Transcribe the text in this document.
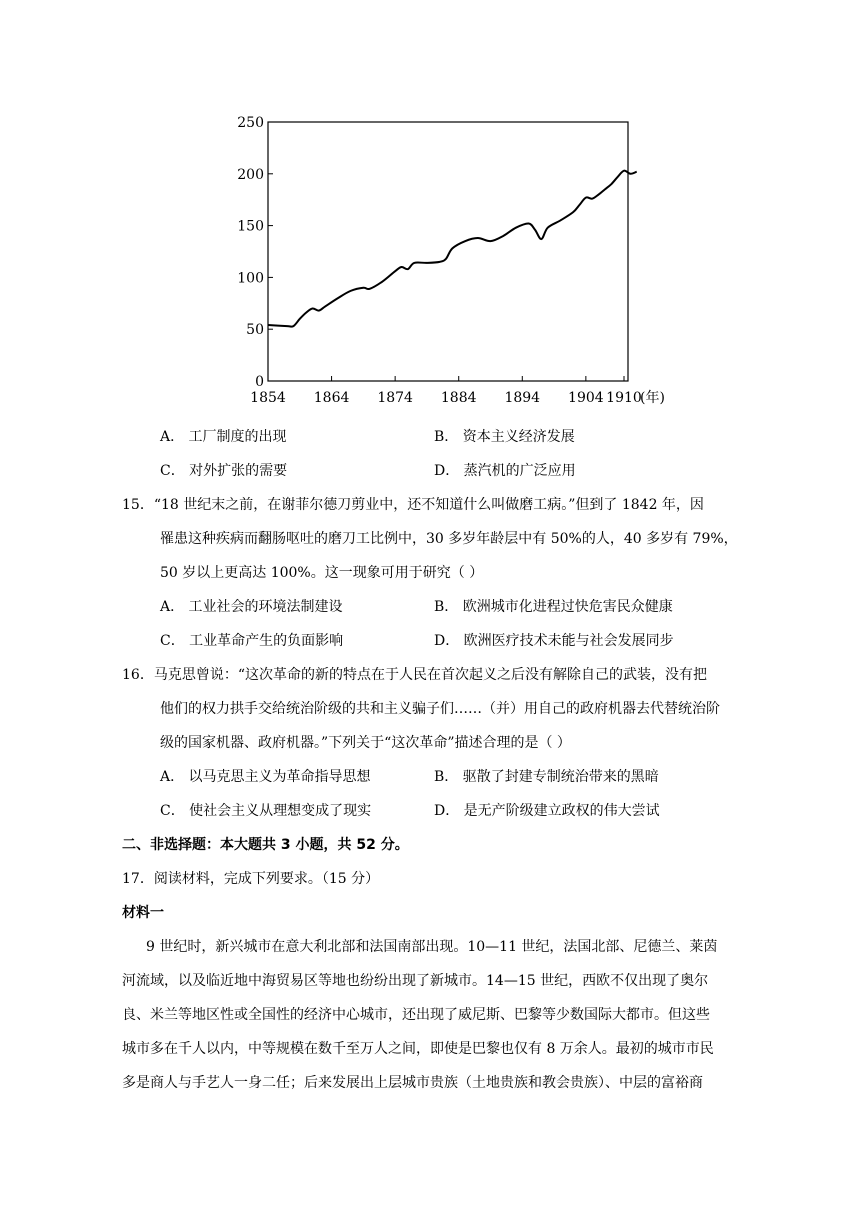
0
50
100
150
200
250
1854 1864 1874 1884 1894 1904 1910
(年)
A． 工厂制度的出现	B． 资本主义经济发展
C． 对外扩张的需要	D． 蒸汽机的广泛应用
15．“18 世纪末之前，在谢菲尔德刀剪业中，还不知道什么叫做磨工病。”但到了 1842 年，因
罹患这种疾病而翻肠呕吐的磨刀工比例中，30 多岁年龄层中有 50%的人，40 多岁有 79%，
50 岁以上更高达 100%。这一现象可用于研究（ ）
A． 工业社会的环境法制建设	B． 欧洲城市化进程过快危害民众健康
C． 工业革命产生的负面影响	D． 欧洲医疗技术未能与社会发展同步
16．马克思曾说：“这次革命的新的特点在于人民在首次起义之后没有解除自己的武装，没有把
他们的权力拱手交给统治阶级的共和主义骗子们……（并）用自己的政府机器去代替统治阶
级的国家机器、政府机器。”下列关于“这次革命”描述合理的是（ ）
A． 以马克思主义为革命指导思想	B． 驱散了封建专制统治带来的黑暗
C． 使社会主义从理想变成了现实	D． 是无产阶级建立政权的伟大尝试
二、非选择题：本大题共 3 小题，共 52 分。
17．阅读材料，完成下列要求。（15 分）
材料一
9 世纪时，新兴城市在意大利北部和法国南部出现。10—11 世纪，法国北部、尼德兰、莱茵
河流域，以及临近地中海贸易区等地也纷纷出现了新城市。14—15 世纪，西欧不仅出现了奥尔
良、米兰等地区性或全国性的经济中心城市，还出现了威尼斯、巴黎等少数国际大都市。但这些
城市多在千人以内，中等规模在数千至万人之间，即使是巴黎也仅有 8 万余人。最初的城市市民
多是商人与手艺人一身二任；后来发展出上层城市贵族（土地贵族和教会贵族）、中层的富裕商
